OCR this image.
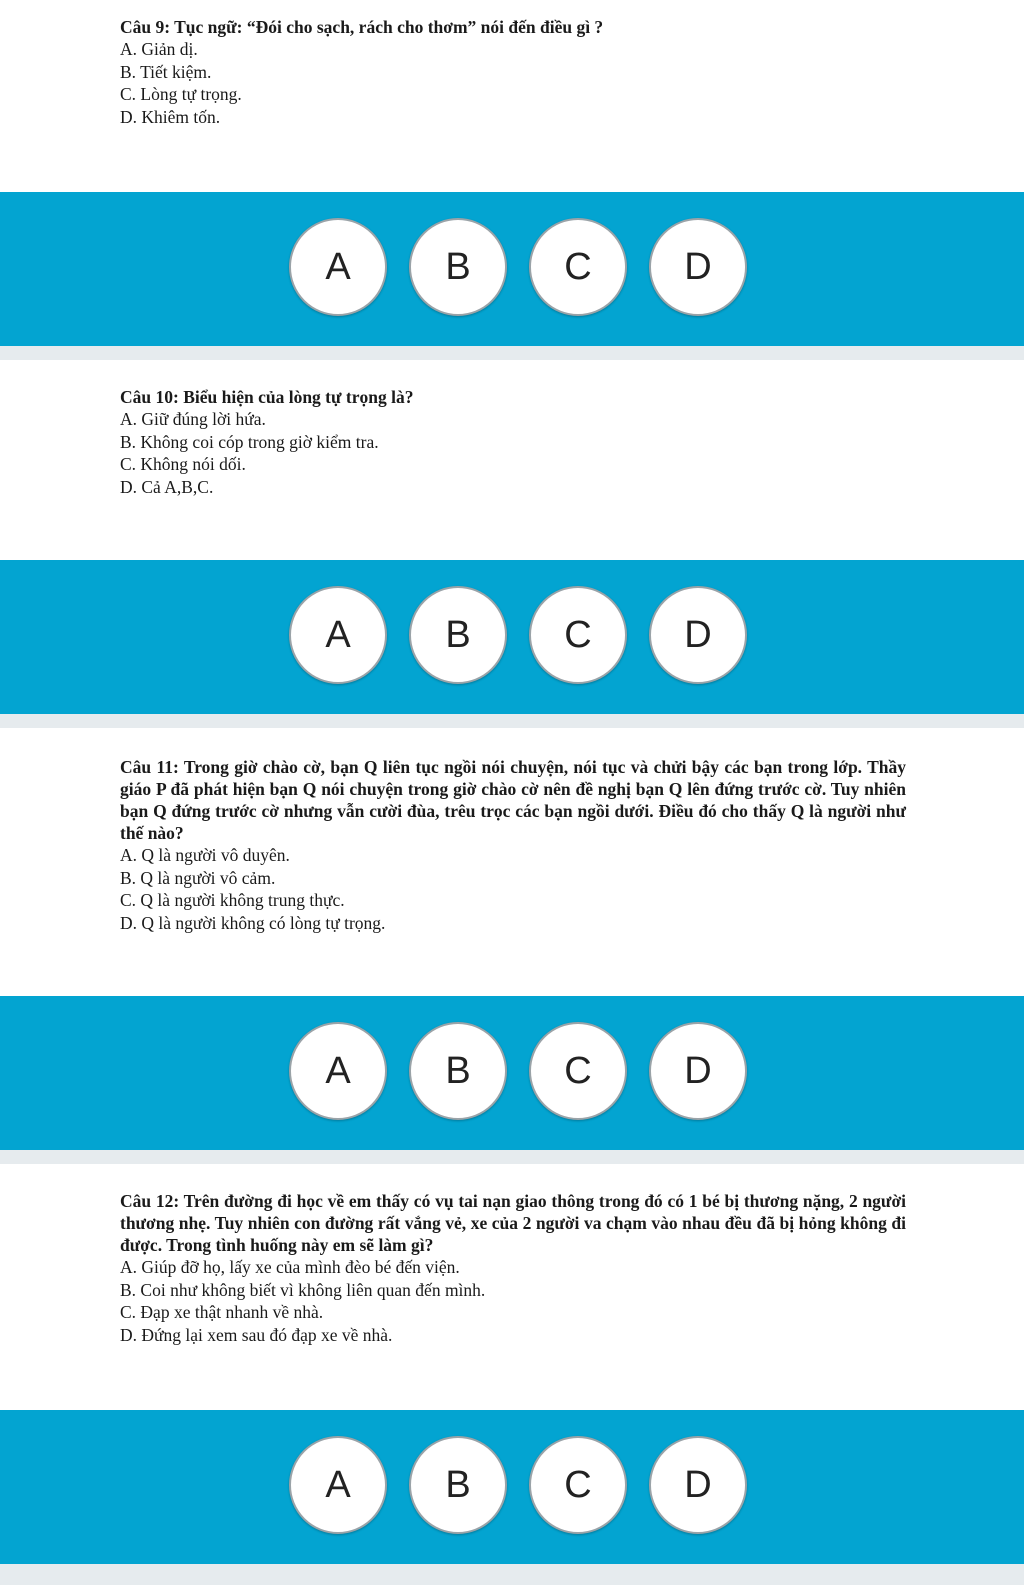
Câu 9: Tục ngữ: “Đói cho sạch, rách cho thơm” nói đến điều gì ?

A. Giản dị.

B. Tiết kiệm.

C. Lòng tự trọng.

D. Khiêm tốn.

A	B	C	D

Câu 10: Biểu hiện của lòng tự trọng là?

A. Giữ đúng lời hứa.

B. Không coi cóp trong giờ kiểm tra.

C. Không nói dối.

D. Cả A,B,C.

A	B	C	D

Câu 11: Trong giờ chào cờ, bạn Q liên tục ngồi nói chuyện, nói tục và chửi bậy các bạn trong lớp. Thầy giáo P đã phát hiện bạn Q nói chuyện trong giờ chào cờ nên đề nghị bạn Q lên đứng trước cờ. Tuy nhiên bạn Q đứng trước cờ nhưng vẫn cười đùa, trêu trọc các bạn ngồi dưới. Điều đó cho thấy Q là người như thế nào?

A. Q là người vô duyên.

B. Q là người vô cảm.

C. Q là người không trung thực.

D. Q là người không có lòng tự trọng.

A	B	C	D

Câu 12: Trên đường đi học về em thấy có vụ tai nạn giao thông trong đó có 1 bé bị thương nặng, 2 người thương nhẹ. Tuy nhiên con đường rất vắng vẻ, xe của 2 người va chạm vào nhau đều đã bị hỏng không đi được. Trong tình huống này em sẽ làm gì?

A. Giúp đỡ họ, lấy xe của mình đèo bé đến viện.

B. Coi như không biết vì không liên quan đến mình.

C. Đạp xe thật nhanh về nhà.

D. Đứng lại xem sau đó đạp xe về nhà.

A	B	C	D
